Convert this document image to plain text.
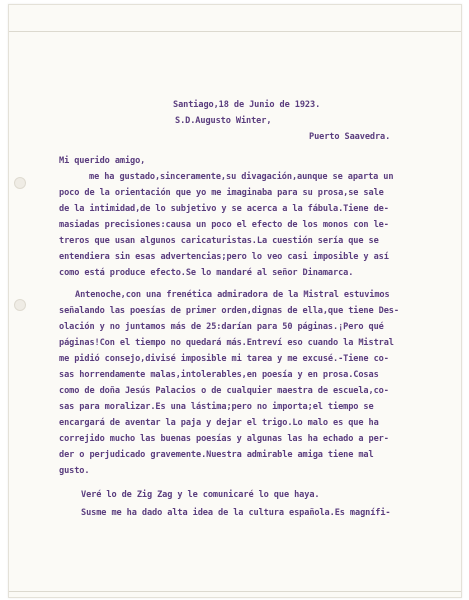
Santiago,18 de Junio de 1923.
S.D.Augusto Winter,
Puerto Saavedra.
Mi querido amigo,
me ha gustado,sinceramente,su divagación,aunque se aparta un
poco de la orientación que yo me imaginaba para su prosa,se sale
de la intimidad,de lo subjetivo y se acerca a la fábula.Tiene de-
masiadas precisiones:causa un poco el efecto de los monos con le-
treros que usan algunos caricaturistas.La cuestión sería que se
entendiera sin esas advertencias;pero lo veo casi imposible y así
como está produce efecto.Se lo mandaré al señor Dinamarca.
Antenoche,con una frenética admiradora de la Mistral estuvimos
señalando las poesías de primer orden,dignas de ella,que tiene Des-
olación y no juntamos más de 25:darían para 50 páginas.¡Pero qué
páginas!Con el tiempo no quedará más.Entreví eso cuando la Mistral
me pidió consejo,divisé imposible mi tarea y me excusé.-Tiene co-
sas horrendamente malas,intolerables,en poesía y en prosa.Cosas
como de doña Jesús Palacios o de cualquier maestra de escuela,co-
sas para moralizar.Es una lástima;pero no importa;el tiempo se
encargará de aventar la paja y dejar el trigo.Lo malo es que ha
correjido mucho las buenas poesías y algunas las ha echado a per-
der o perjudicado gravemente.Nuestra admirable amiga tiene mal
gusto.
Veré lo de Zig Zag y le comunicaré lo que haya.
Susme me ha dado alta idea de la cultura española.Es magnífi-
